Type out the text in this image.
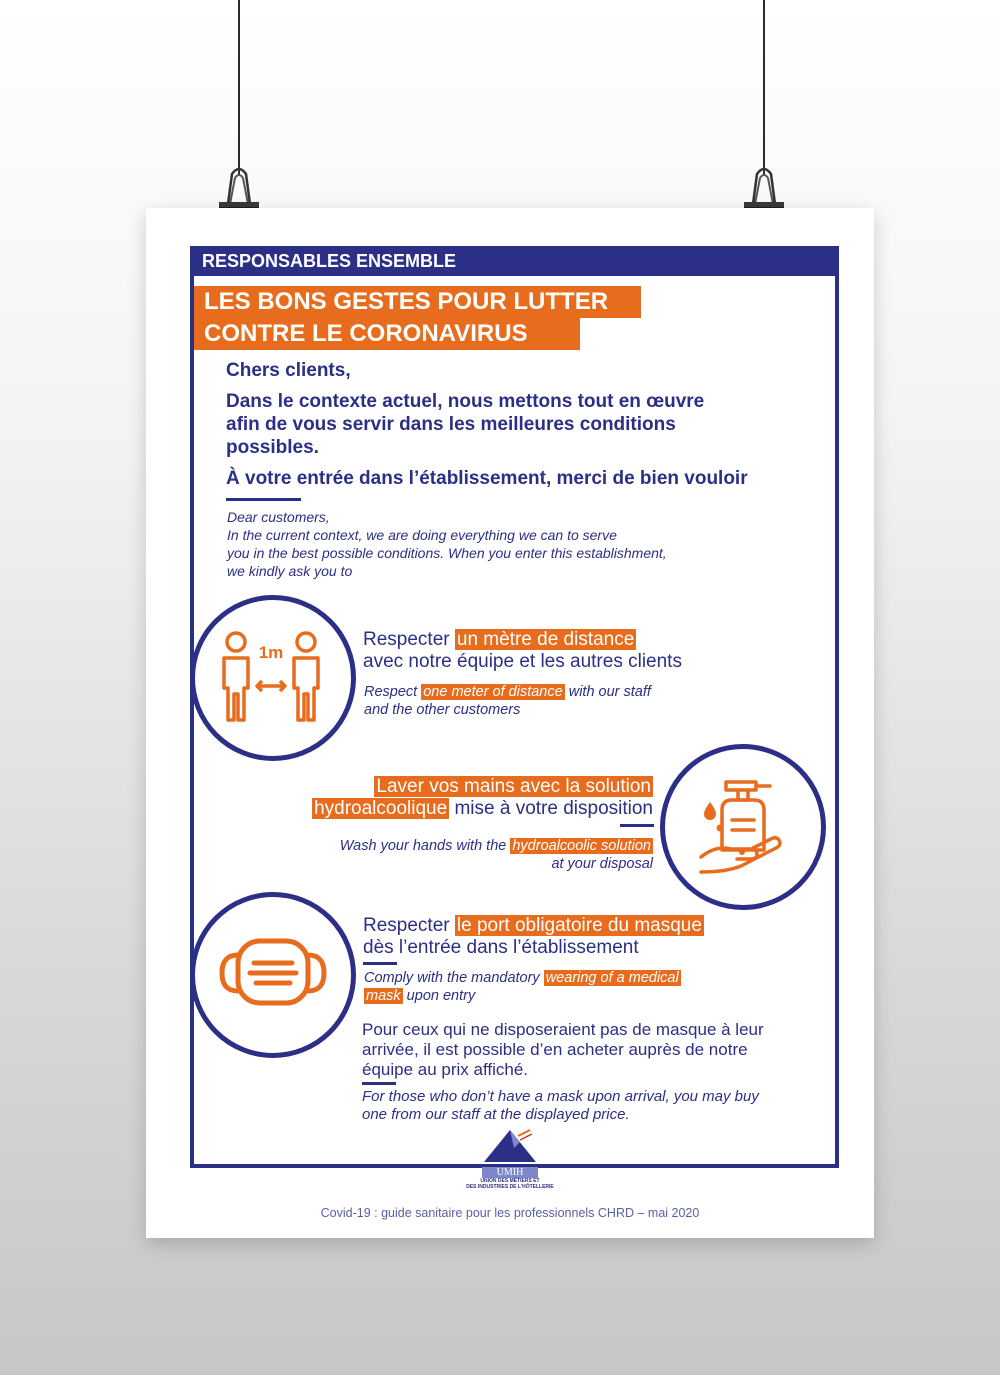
RESPONSABLES ENSEMBLE
LES BONS GESTES POUR LUTTER
CONTRE LE CORONAVIRUS
Chers clients,
Dans le contexte actuel, nous mettons tout en œuvre
afin de vous servir dans les meilleures conditions
possibles.
À votre entrée dans l’établissement, merci de bien vouloir
Dear customers,
In the current context, we are doing everything we can to serve
you in the best possible conditions. When you enter this establishment,
we kindly ask you to
1m
Respecter un mètre de distance
avec notre équipe et les autres clients
Respect one meter of distance with our staff
and the other customers
Laver vos mains avec la solution
hydroalcoolique mise à votre disposition
Wash your hands with the hydroalcoolic solution
at your disposal
Respecter le port obligatoire du masque
dès l’entrée dans l’établissement
Comply with the mandatory wearing of a medical
mask upon entry
Pour ceux qui ne disposeraient pas de masque à leur
arrivée, il est possible d’en acheter auprès de notre
équipe au prix affiché.
For those who don’t have a mask upon arrival, you may buy
one from our staff at the displayed price.
UMIH
UNION DES MÉTIERS ET
DES INDUSTRIES DE L’HÔTELLERIE
Covid-19 : guide sanitaire pour les professionnels CHRD – mai 2020
